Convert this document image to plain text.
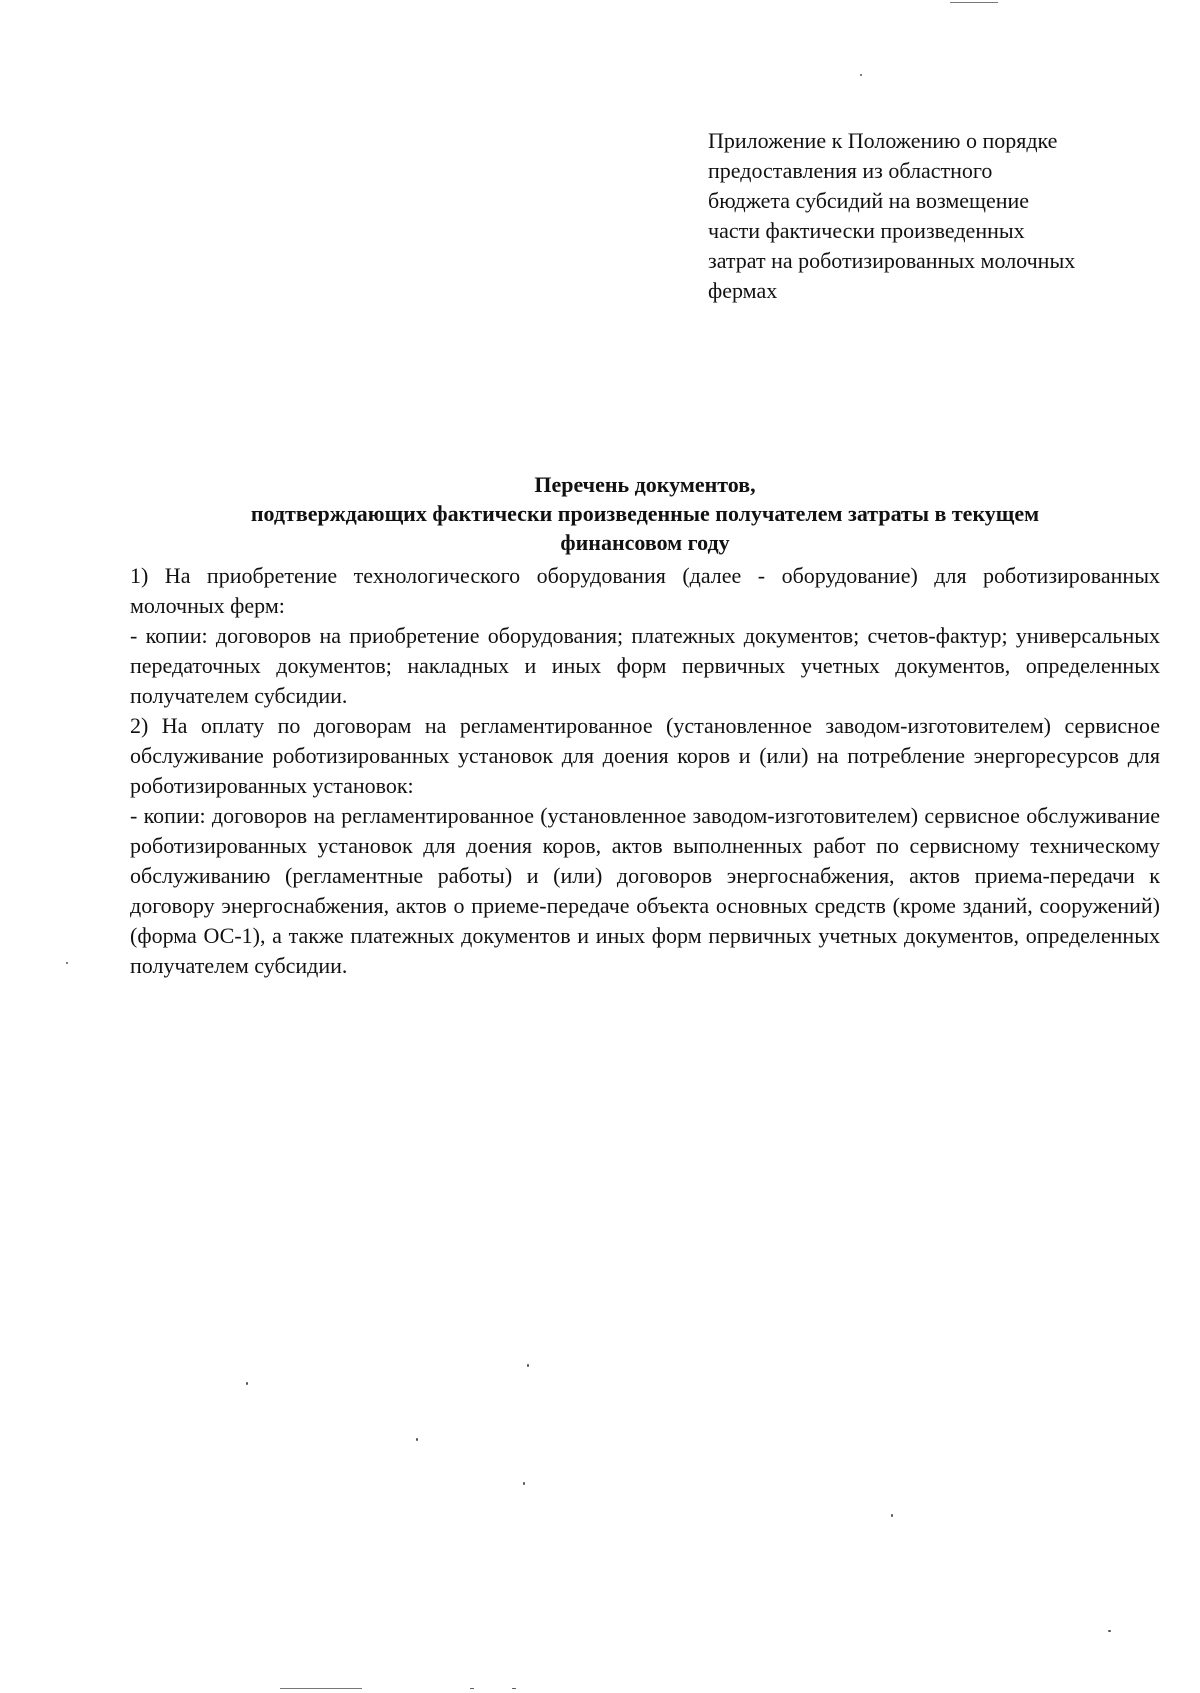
Приложение к Положению о порядке
предоставления из областного
бюджета субсидий на возмещение
части фактически произведенных
затрат на роботизированных молочных
фермах
Перечень документов,
подтверждающих фактически произведенные получателем затраты в текущем
финансовом году

1) На приобретение технологического оборудования (далее - оборудование) для роботизированных молочных ферм:

- копии: договоров на приобретение оборудования; платежных документов; счетов-фактур; универсальных передаточных документов; накладных и иных форм первичных учетных документов, определенных получателем субсидии.

2) На оплату по договорам на регламентированное (установленное заводом-изготовителем) сервисное обслуживание роботизированных установок для доения коров и (или) на потребление энергоресурсов для роботизированных установок:

- копии: договоров на регламентированное (установленное заводом-изготовителем) сервисное обслуживание роботизированных установок для доения коров, актов выполненных работ по сервисному техническому обслуживанию (регламентные работы) и (или) договоров энергоснабжения, актов приема-передачи к договору энергоснабжения, актов о приеме-передаче объекта основных средств (кроме зданий, сооружений) (форма ОС-1), а также платежных документов и иных форм первичных учетных документов, определенных получателем субсидии.
